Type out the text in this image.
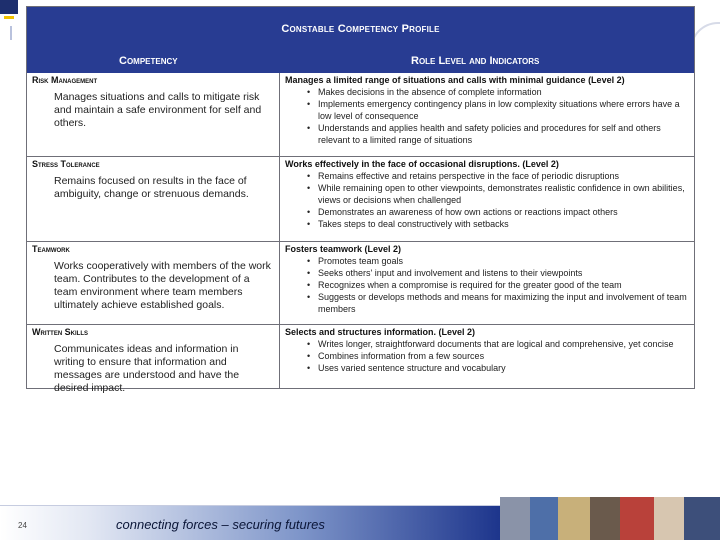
Constable Competency Profile
Competency	Role Level and Indicators
Risk Management
Manages situations and calls to mitigate risk and maintain a safe environment for self and others.
Manages a limited range of situations and calls with minimal guidance (Level 2)
• Makes decisions in the absence of complete information
• Implements emergency contingency plans in low complexity situations where errors have a low level of consequence
• Understands and applies health and safety policies and procedures for self and others relevant to a limited range of situations
Stress Tolerance
Remains focused on results in the face of ambiguity, change or strenuous demands.
Works effectively in the face of occasional disruptions. (Level 2)
• Remains effective and retains perspective in the face of periodic disruptions
• While remaining open to other viewpoints, demonstrates realistic confidence in own abilities, views or decisions when challenged
• Demonstrates an awareness of how own actions or reactions impact others
• Takes steps to deal constructively with setbacks
Teamwork
Works cooperatively with members of the work team. Contributes to the development of a team environment where team members ultimately achieve established goals.
Fosters teamwork (Level 2)
• Promotes team goals
• Seeks others' input and involvement and listens to their viewpoints
• Recognizes when a compromise is required for the greater good of the team
• Suggests or develops methods and means for maximizing the input and involvement of team members
Written Skills
Communicates ideas and information in writing to ensure that information and messages are understood and have the desired impact.
Selects and structures information. (Level 2)
• Writes longer, straightforward documents that are logical and comprehensive, yet concise
• Combines information from a few sources
• Uses varied sentence structure and vocabulary
24	connecting forces – securing futures
